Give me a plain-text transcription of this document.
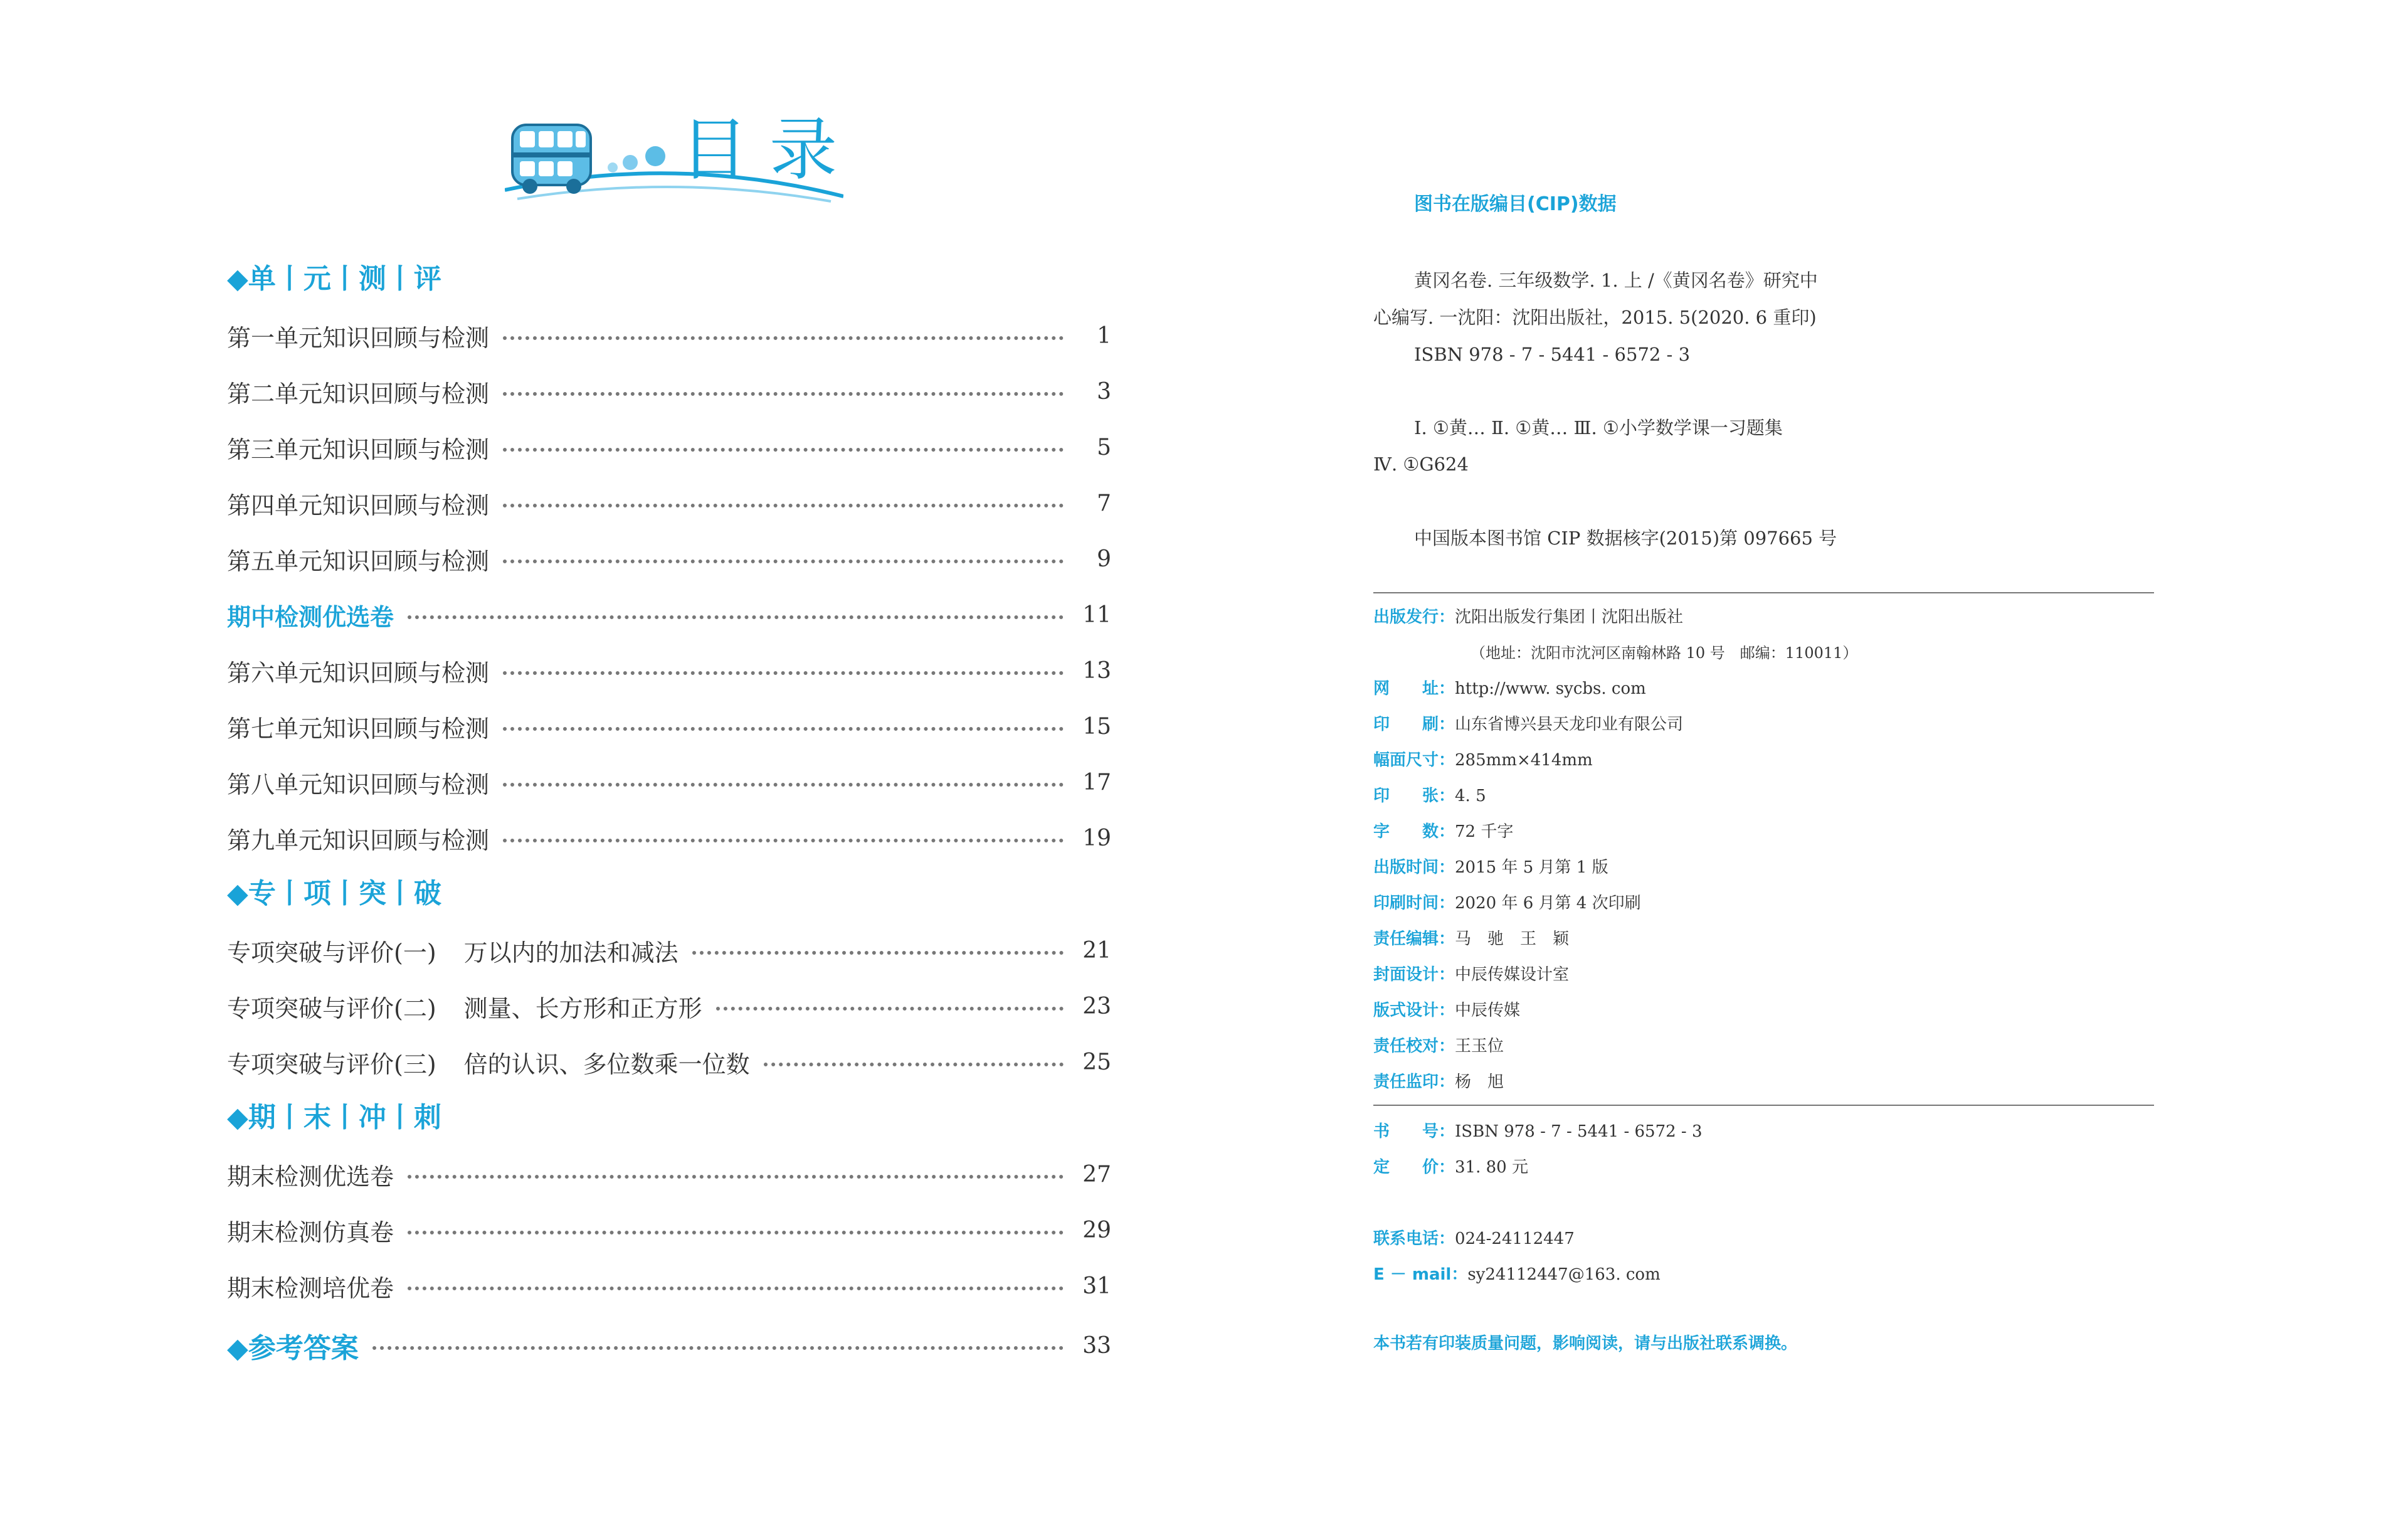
目录
◆单丨元丨测丨评
第一单元知识回顾与检测	1
第二单元知识回顾与检测	3
第三单元知识回顾与检测	5
第四单元知识回顾与检测	7
第五单元知识回顾与检测	9
期中检测优选卷	11
第六单元知识回顾与检测	13
第七单元知识回顾与检测	15
第八单元知识回顾与检测	17
第九单元知识回顾与检测	19
◆专丨项丨突丨破
专项突破与评价(一) 万以内的加法和减法	21
专项突破与评价(二) 测量、长方形和正方形	23
专项突破与评价(三) 倍的认识、多位数乘一位数	25
◆期丨末丨冲丨刺
期末检测优选卷	27
期末检测仿真卷	29
期末检测培优卷	31
◆参考答案	33
图书在版编目(CIP)数据
黄冈名卷. 三年级数学. 1. 上 /《黄冈名卷》研究中
心编写. 一沈阳：沈阳出版社，2015. 5(2020. 6 重印)
ISBN 978 - 7 - 5441 - 6572 - 3
Ⅰ. ①黄… Ⅱ. ①黄… Ⅲ. ①小学数学课一习题集
Ⅳ. ①G624
中国版本图书馆 CIP 数据核字(2015)第 097665 号
出版发行：沈阳出版发行集团丨沈阳出版社
（地址：沈阳市沈河区南翰林路 10 号　邮编：110011）
网　　址：http://www. sycbs. com
印　　刷：山东省博兴县天龙印业有限公司
幅面尺寸：285mm×414mm
印　　张：4. 5
字　　数：72 千字
出版时间：2015 年 5 月第 1 版
印刷时间：2020 年 6 月第 4 次印刷
责任编辑：马　驰　王　颖
封面设计：中辰传媒设计室
版式设计：中辰传媒
责任校对：王玉位
责任监印：杨　旭
书　　号：ISBN 978 - 7 - 5441 - 6572 - 3
定　　价：31. 80 元
联系电话：024-24112447
E － mail：sy24112447@163. com
本书若有印装质量问题，影响阅读，请与出版社联系调换。
